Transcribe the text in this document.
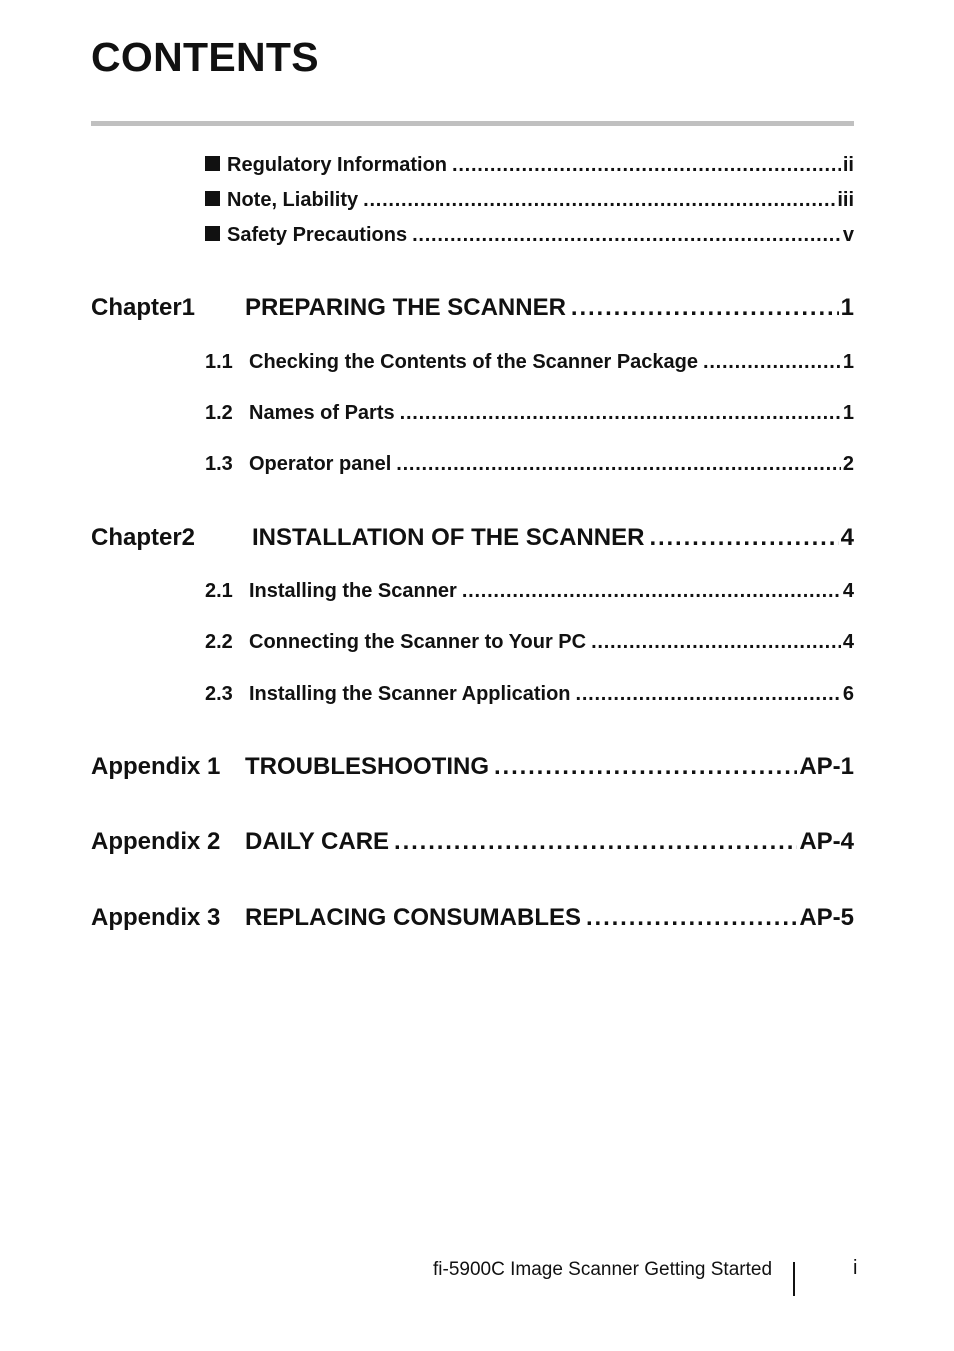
CONTENTS
Regulatory Information . . .	ii
Note, Liability . . .	iii
Safety Precautions . . .	v
Chapter1 PREPARING THE SCANNER . . .	1
1.1 Checking the Contents of the Scanner Package . . .	1
1.2 Names of Parts . . .	1
1.3 Operator panel . . .	2
Chapter2 INSTALLATION OF THE SCANNER . . .	4
2.1 Installing the Scanner . . .	4
2.2 Connecting the Scanner to Your PC . . .	4
2.3 Installing the Scanner Application . . .	6
Appendix 1 TROUBLESHOOTING . . .	AP-1
Appendix 2 DAILY CARE . . .	AP-4
Appendix 3 REPLACING CONSUMABLES . . .	AP-5
fi-5900C Image Scanner Getting Started	i
